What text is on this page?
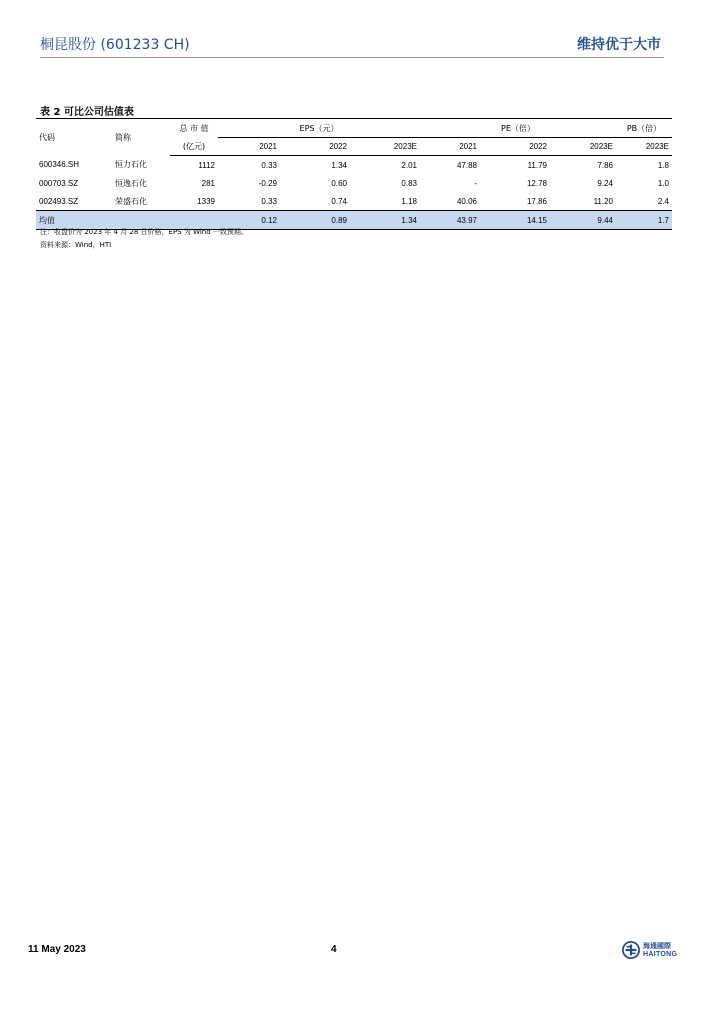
桐昆股份 (601233 CH)	维持优于大市
表 2 可比公司估值表

代码	简称	总 市 值	EPS（元）			PE（倍）			PB（倍）
		(亿元)	2021	2022	2023E	2021	2022	2023E	2023E
600346.SH	恒力石化	1112	0.33	1.34	2.01	47.88	11.79	7.86	1.8
000703.SZ	恒逸石化	281	-0.29	0.60	0.83	-	12.78	9.24	1.0
002493.SZ	荣盛石化	1339	0.33	0.74	1.18	40.06	17.86	11.20	2.4
均值			0.12	0.89	1.34	43.97	14.15	9.44	1.7
注：收盘价为 2023 年 4 月 28 日价格，EPS 为 Wind 一致预期。
资料来源：Wind，HTI
11 May 2023	4	海通國際
HAITONG
